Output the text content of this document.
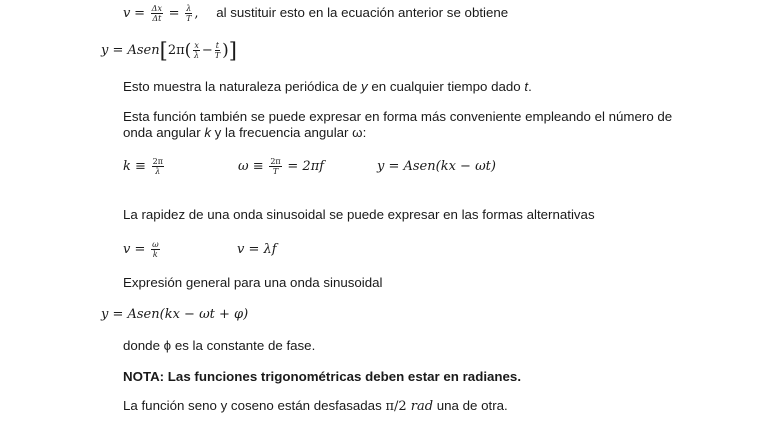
$v = \frac{\Delta x}{\Delta t} = \frac{\lambda}{T}$ , al sustituir esto en la ecuación anterior se obtiene
y = Asen[2π( $\frac{x}{\lambda} - \frac{t}{T}$ )]
Esto muestra la naturaleza periódica de y en cualquier tiempo dado t.
Esta función también se puede expresar en forma más conveniente empleando el número de
onda angular k y la frecuencia angular ω:
$k \equiv \frac{2\pi}{\lambda}$	$\omega \equiv \frac{2\pi}{T} = 2\pi f$	y = Asen(kx − ωt)
La rapidez de una onda sinusoidal se puede expresar en las formas alternativas
$v = \frac{\omega}{k}$	v = λf
Expresión general para una onda sinusoidal
y = Asen(kx − ωt + φ)
donde ϕ es la constante de fase.
NOTA: Las funciones trigonométricas deben estar en radianes.
La función seno y coseno están desfasadas π/2 rad una de otra.
